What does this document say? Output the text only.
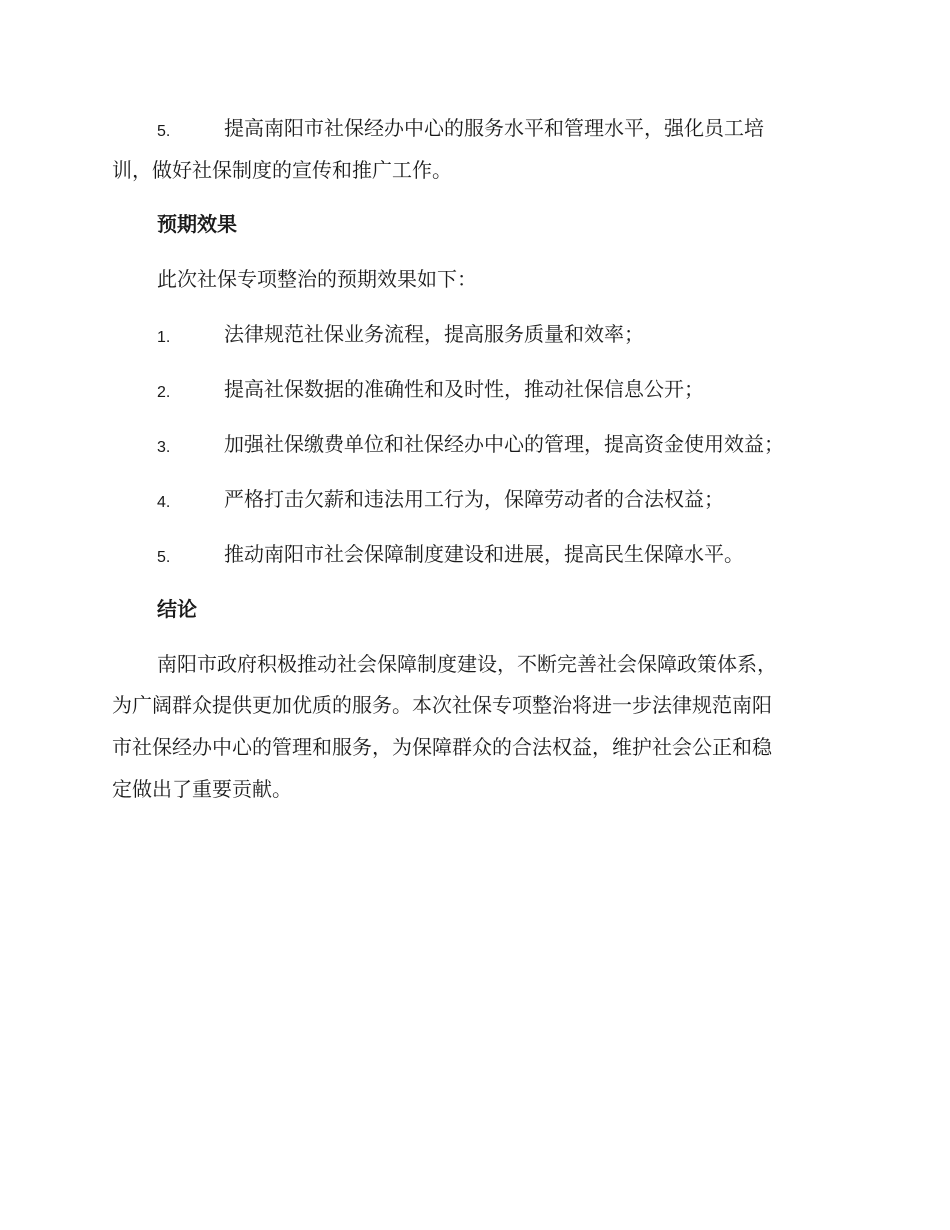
5.	提高南阳市社保经办中心的服务水平和管理水平，强化员工培
训，做好社保制度的宣传和推广工作。
预期效果
此次社保专项整治的预期效果如下：
1.	法律规范社保业务流程，提高服务质量和效率；
2.	提高社保数据的准确性和及时性，推动社保信息公开；
3.	加强社保缴费单位和社保经办中心的管理，提高资金使用效益；
4.	严格打击欠薪和违法用工行为，保障劳动者的合法权益；
5.	推动南阳市社会保障制度建设和进展，提高民生保障水平。
结论
南阳市政府积极推动社会保障制度建设，不断完善社会保障政策体系，
为广阔群众提供更加优质的服务。本次社保专项整治将进一步法律规范南阳
市社保经办中心的管理和服务，为保障群众的合法权益，维护社会公正和稳
定做出了重要贡献。
